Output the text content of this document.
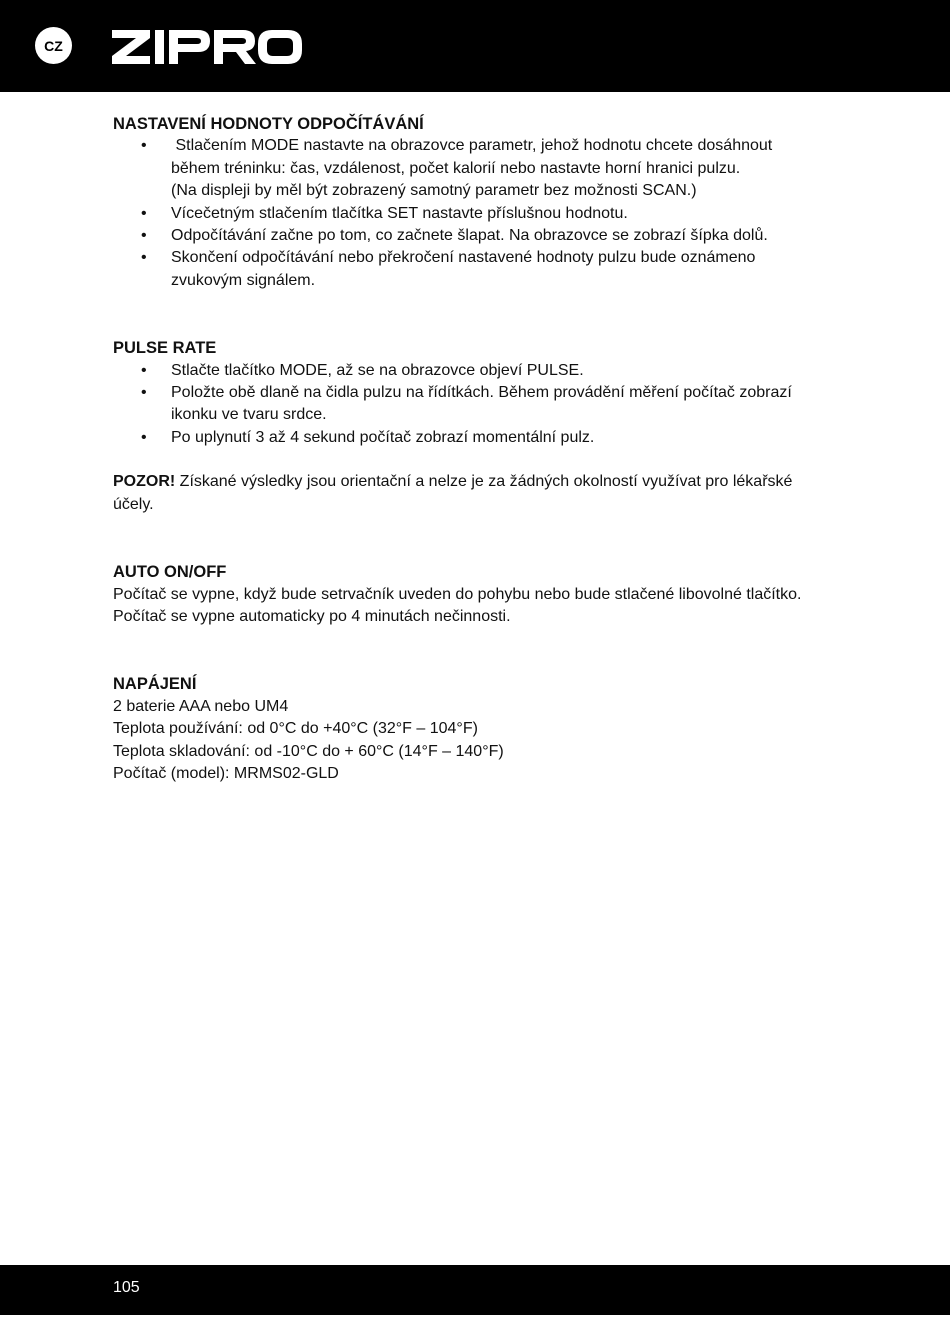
CZ
NASTAVENÍ HODNOTY ODPOČÍTÁVÁNÍ
•  Stlačením MODE nastavte na obrazovce parametr, jehož hodnotu chcete dosáhnout
během tréninku: čas, vzdálenost, počet kalorií nebo nastavte horní hranici pulzu.
(Na displeji by měl být zobrazený samotný parametr bez možnosti SCAN.)
• Vícečetným stlačením tlačítka SET nastavte příslušnou hodnotu.
• Odpočítávání začne po tom, co začnete šlapat. Na obrazovce se zobrazí šípka dolů.
• Skončení odpočítávání nebo překročení nastavené hodnoty pulzu bude oznámeno
zvukovým signálem.
PULSE RATE
• Stlačte tlačítko MODE, až se na obrazovce objeví PULSE.
• Položte obě dlaně na čidla pulzu na řídítkách. Během provádění měření počítač zobrazí
ikonku ve tvaru srdce.
• Po uplynutí 3 až 4 sekund počítač zobrazí momentální pulz.
POZOR! Získané výsledky jsou orientační a nelze je za žádných okolností využívat pro lékařské
účely.
AUTO ON/OFF
Počítač se vypne, když bude setrvačník uveden do pohybu nebo bude stlačené libovolné tlačítko.
Počítač se vypne automaticky po 4 minutách nečinnosti.
NAPÁJENÍ
2 baterie AAA nebo UM4
Teplota používání: od 0°C do +40°C (32°F – 104°F)
Teplota skladování: od -10°C do + 60°C (14°F – 140°F)
Počítač (model): MRMS02-GLD
105
